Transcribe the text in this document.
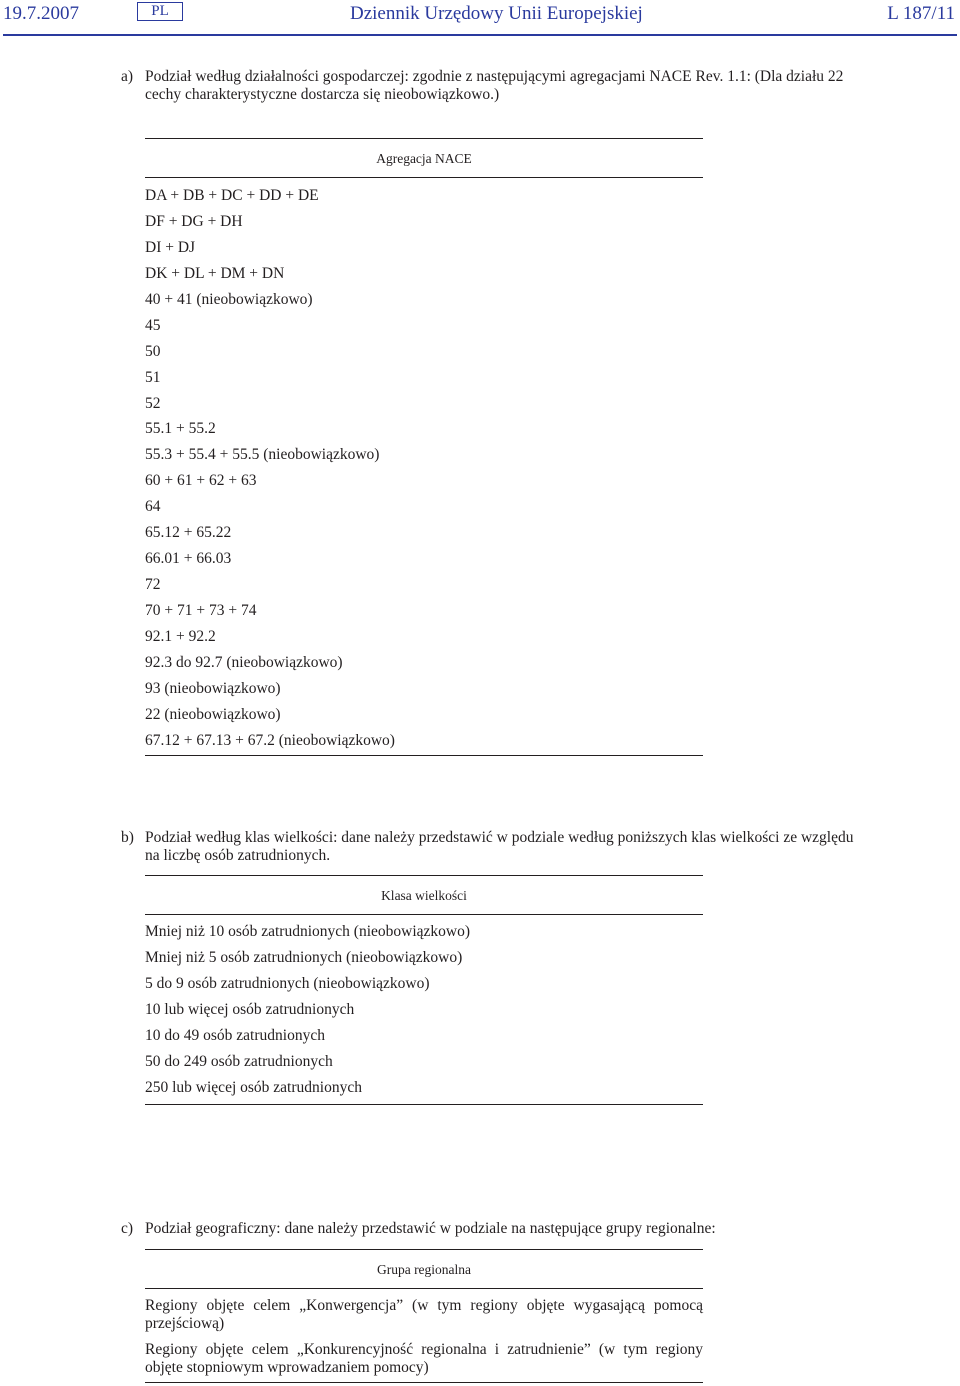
19.7.2007	PL	Dziennik Urzędowy Unii Europejskiej	L 187/11
a) Podział według działalności gospodarczej: zgodnie z następującymi agregacjami NACE Rev. 1.1: (Dla działu 22 cechy charakterystyczne dostarcza się nieobowiązkowo.)
Agregacja NACE
DA + DB + DC + DD + DE
DF + DG + DH
DI + DJ
DK + DL + DM + DN
40 + 41 (nieobowiązkowo)
45
50
51
52
55.1 + 55.2
55.3 + 55.4 + 55.5 (nieobowiązkowo)
60 + 61 + 62 + 63
64
65.12 + 65.22
66.01 + 66.03
72
70 + 71 + 73 + 74
92.1 + 92.2
92.3 do 92.7 (nieobowiązkowo)
93 (nieobowiązkowo)
22 (nieobowiązkowo)
67.12 + 67.13 + 67.2 (nieobowiązkowo)
b) Podział według klas wielkości: dane należy przedstawić w podziale według poniższych klas wielkości ze względu na liczbę osób zatrudnionych.
Klasa wielkości
Mniej niż 10 osób zatrudnionych (nieobowiązkowo)
Mniej niż 5 osób zatrudnionych (nieobowiązkowo)
5 do 9 osób zatrudnionych (nieobowiązkowo)
10 lub więcej osób zatrudnionych
10 do 49 osób zatrudnionych
50 do 249 osób zatrudnionych
250 lub więcej osób zatrudnionych
c) Podział geograficzny: dane należy przedstawić w podziale na następujące grupy regionalne:
Grupa regionalna
Regiony objęte celem „Konwergencja” (w tym regiony objęte wygasającą pomocą przejściową)
Regiony objęte celem „Konkurencyjność regionalna i zatrudnienie” (w tym regiony objęte stopniowym wprowadzaniem pomocy)
